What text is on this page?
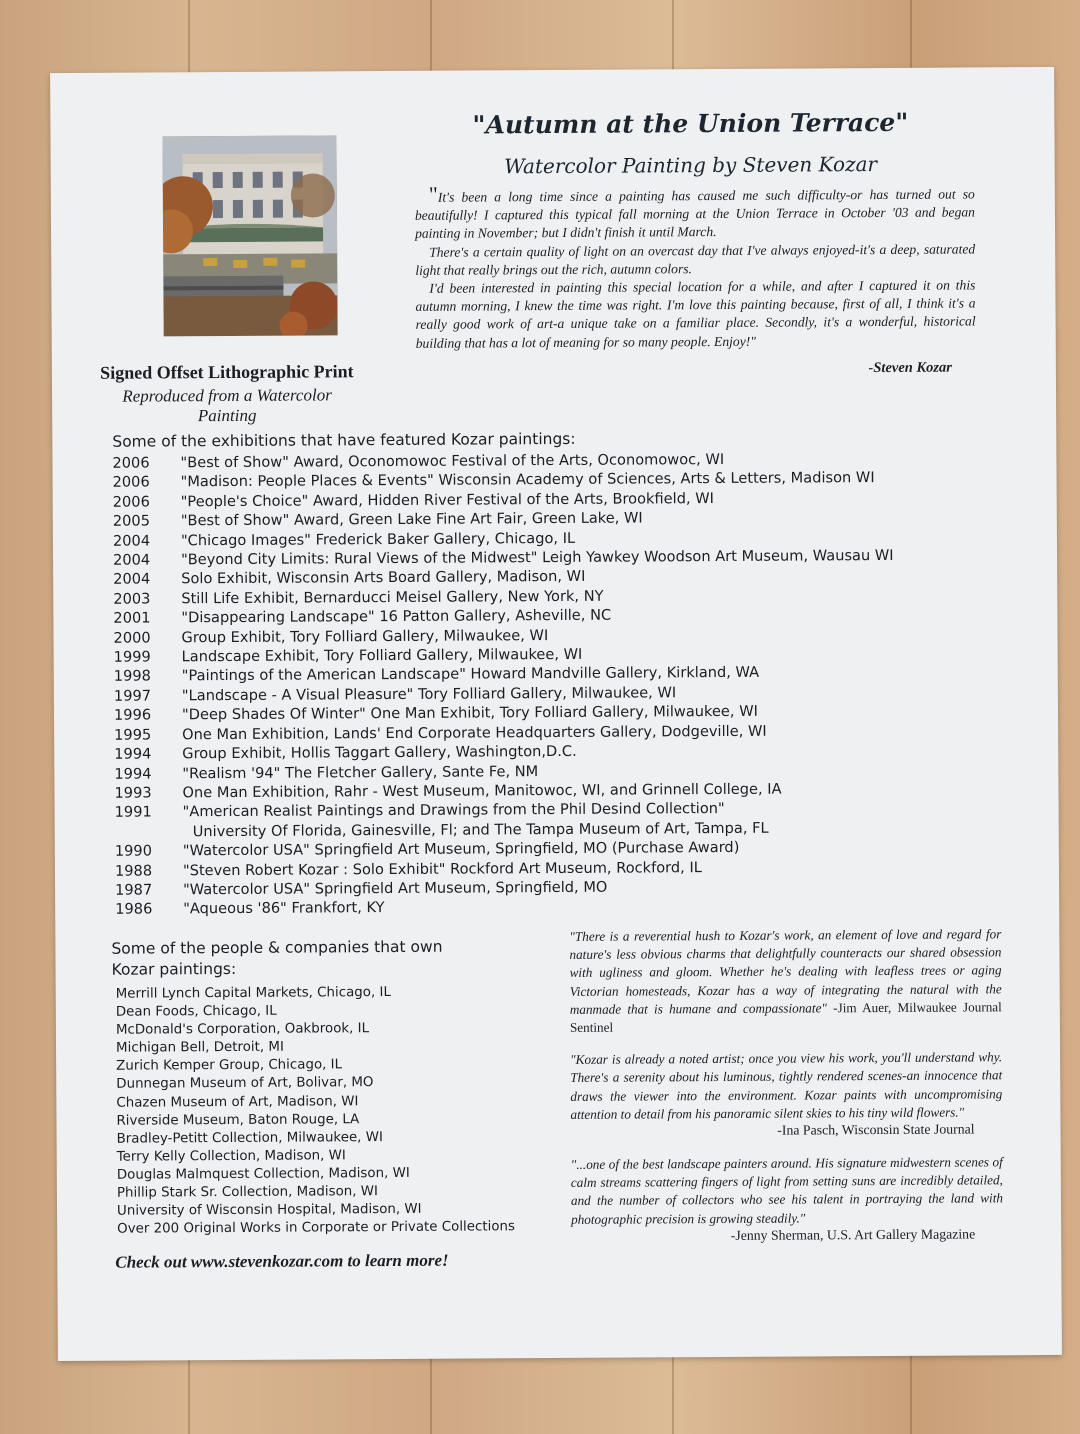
"Autumn at the Union Terrace"
Watercolor Painting by Steven Kozar

"It's been a long time since a painting has caused me such difficulty-or has turned out so beautifully! I captured this typical fall morning at the Union Terrace in October '03 and began painting in November; but I didn't finish it until March.

There's a certain quality of light on an overcast day that I've always enjoyed-it's a deep, saturated light that really brings out the rich, autumn colors.

I'd been interested in painting this special location for a while, and after I captured it on this autumn morning, I knew the time was right. I'm love this painting because, first of all, I think it's a really good work of art-a unique take on a familiar place. Secondly, it's a wonderful, historical building that has a lot of meaning for so many people. Enjoy!"

-Steven Kozar
Signed Offset Lithographic Print
Reproduced from a Watercolor Painting
Some of the exhibitions that have featured Kozar paintings:
2006	"Best of Show" Award, Oconomowoc Festival of the Arts, Oconomowoc, WI
2006	"Madison: People Places & Events" Wisconsin Academy of Sciences, Arts & Letters, Madison WI
2006	"People's Choice" Award, Hidden River Festival of the Arts, Brookfield, WI
2005	"Best of Show" Award, Green Lake Fine Art Fair, Green Lake, WI
2004	"Chicago Images" Frederick Baker Gallery, Chicago, IL
2004	"Beyond City Limits: Rural Views of the Midwest" Leigh Yawkey Woodson Art Museum, Wausau WI
2004	Solo Exhibit, Wisconsin Arts Board Gallery, Madison, WI
2003	Still Life Exhibit, Bernarducci Meisel Gallery, New York, NY
2001	"Disappearing Landscape" 16 Patton Gallery, Asheville, NC
2000	Group Exhibit, Tory Folliard Gallery, Milwaukee, WI
1999	Landscape Exhibit, Tory Folliard Gallery, Milwaukee, WI
1998	"Paintings of the American Landscape" Howard Mandville Gallery, Kirkland, WA
1997	"Landscape - A Visual Pleasure" Tory Folliard Gallery, Milwaukee, WI
1996	"Deep Shades Of Winter" One Man Exhibit, Tory Folliard Gallery, Milwaukee, WI
1995	One Man Exhibition, Lands' End Corporate Headquarters Gallery, Dodgeville, WI
1994	Group Exhibit, Hollis Taggart Gallery, Washington,D.C.
1994	"Realism '94" The Fletcher Gallery, Sante Fe, NM
1993	One Man Exhibition, Rahr - West Museum, Manitowoc, WI, and Grinnell College, IA
1991	"American Realist Paintings and Drawings from the Phil Desind Collection"
University Of Florida, Gainesville, Fl; and The Tampa Museum of Art, Tampa, FL
1990	"Watercolor USA" Springfield Art Museum, Springfield, MO (Purchase Award)
1988	"Steven Robert Kozar : Solo Exhibit" Rockford Art Museum, Rockford, IL
1987	"Watercolor USA" Springfield Art Museum, Springfield, MO
1986	"Aqueous '86" Frankfort, KY
Some of the people & companies that own
Kozar paintings:
Merrill Lynch Capital Markets, Chicago, IL
Dean Foods, Chicago, IL
McDonald's Corporation, Oakbrook, IL
Michigan Bell, Detroit, MI
Zurich Kemper Group, Chicago, IL
Dunnegan Museum of Art, Bolivar, MO
Chazen Museum of Art, Madison, WI
Riverside Museum, Baton Rouge, LA
Bradley-Petitt Collection, Milwaukee, WI
Terry Kelly Collection, Madison, WI
Douglas Malmquest Collection, Madison, WI
Phillip Stark Sr. Collection, Madison, WI
University of Wisconsin Hospital, Madison, WI
Over 200 Original Works in Corporate or Private Collections
Check out www.stevenkozar.com to learn more!
"There is a reverential hush to Kozar's work, an element of love and regard for nature's less obvious charms that delightfully counteracts our shared obsession with ugliness and gloom. Whether he's dealing with leafless trees or aging Victorian homesteads, Kozar has a way of integrating the natural with the manmade that is humane and compassionate" -Jim Auer, Milwaukee Journal Sentinel
"Kozar is already a noted artist; once you view his work, you'll understand why. There's a serenity about his luminous, tightly rendered scenes-an innocence that draws the viewer into the environment. Kozar paints with uncompromising attention to detail from his panoramic silent skies to his tiny wild flowers."
-Ina Pasch, Wisconsin State Journal
"...one of the best landscape painters around. His signature midwestern scenes of calm streams scattering fingers of light from setting suns are incredibly detailed, and the number of collectors who see his talent in portraying the land with photographic precision is growing steadily."
-Jenny Sherman, U.S. Art Gallery Magazine
